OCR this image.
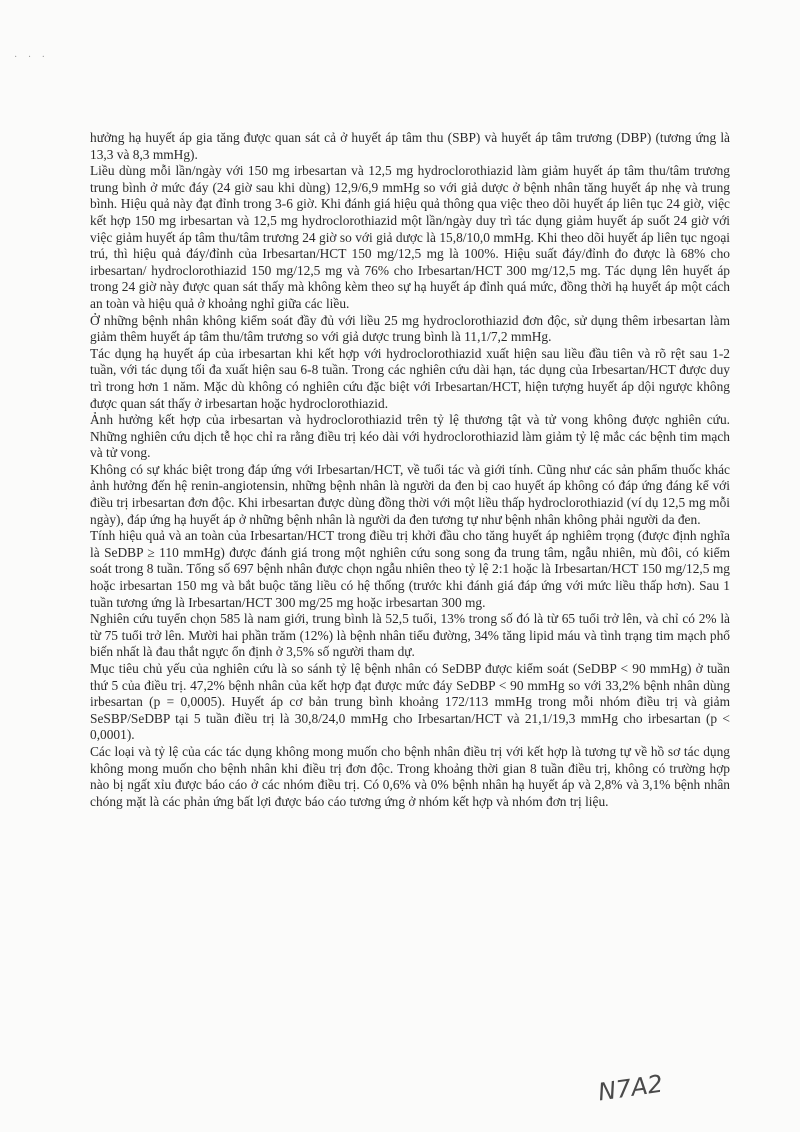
· · ·

hưởng hạ huyết áp gia tăng được quan sát cả ở huyết áp tâm thu (SBP) và huyết áp tâm trương (DBP) (tương ứng là 13,3 và 8,3 mmHg).

Liều dùng mỗi lần/ngày với 150 mg irbesartan và 12,5 mg hydroclorothiazid làm giảm huyết áp tâm thu/tâm trương trung bình ở mức đáy (24 giờ sau khi dùng) 12,9/6,9 mmHg so với giả dược ở bệnh nhân tăng huyết áp nhẹ và trung bình. Hiệu quả này đạt đỉnh trong 3-6 giờ. Khi đánh giá hiệu quả thông qua việc theo dõi huyết áp liên tục 24 giờ, việc kết hợp 150 mg irbesartan và 12,5 mg hydroclorothiazid một lần/ngày duy trì tác dụng giảm huyết áp suốt 24 giờ với việc giảm huyết áp tâm thu/tâm trương 24 giờ so với giả dược là 15,8/10,0 mmHg. Khi theo dõi huyết áp liên tục ngoại trú, thì hiệu quả đáy/đỉnh của Irbesartan/HCT 150 mg/12,5 mg là 100%. Hiệu suất đáy/đỉnh đo được là 68% cho irbesartan/ hydroclorothiazid 150 mg/12,5 mg và 76% cho Irbesartan/HCT 300 mg/12,5 mg. Tác dụng lên huyết áp trong 24 giờ này được quan sát thấy mà không kèm theo sự hạ huyết áp đỉnh quá mức, đồng thời hạ huyết áp một cách an toàn và hiệu quả ở khoảng nghỉ giữa các liều.

Ở những bệnh nhân không kiểm soát đầy đủ với liều 25 mg hydroclorothiazid đơn độc, sử dụng thêm irbesartan làm giảm thêm huyết áp tâm thu/tâm trương so với giả dược trung bình là 11,1/7,2 mmHg.

Tác dụng hạ huyết áp của irbesartan khi kết hợp với hydroclorothiazid xuất hiện sau liều đầu tiên và rõ rệt sau 1-2 tuần, với tác dụng tối đa xuất hiện sau 6-8 tuần. Trong các nghiên cứu dài hạn, tác dụng của Irbesartan/HCT được duy trì trong hơn 1 năm. Mặc dù không có nghiên cứu đặc biệt với Irbesartan/HCT, hiện tượng huyết áp dội ngược không được quan sát thấy ở irbesartan hoặc hydroclorothiazid.

Ảnh hưởng kết hợp của irbesartan và hydroclorothiazid trên tỷ lệ thương tật và tử vong không được nghiên cứu. Những nghiên cứu dịch tễ học chỉ ra rằng điều trị kéo dài với hydroclorothiazid làm giảm tỷ lệ mắc các bệnh tim mạch và tử vong.

Không có sự khác biệt trong đáp ứng với Irbesartan/HCT, về tuổi tác và giới tính. Cũng như các sản phẩm thuốc khác ảnh hưởng đến hệ renin-angiotensin, những bệnh nhân là người da đen bị cao huyết áp không có đáp ứng đáng kể với điều trị irbesartan đơn độc. Khi irbesartan được dùng đồng thời với một liều thấp hydroclorothiazid (ví dụ 12,5 mg mỗi ngày), đáp ứng hạ huyết áp ở những bệnh nhân là người da đen tương tự như bệnh nhân không phải người da đen.

Tính hiệu quả và an toàn của Irbesartan/HCT trong điều trị khởi đầu cho tăng huyết áp nghiêm trọng (được định nghĩa là SeDBP ≥ 110 mmHg) được đánh giá trong một nghiên cứu song song đa trung tâm, ngẫu nhiên, mù đôi, có kiểm soát trong 8 tuần. Tổng số 697 bệnh nhân được chọn ngẫu nhiên theo tỷ lệ 2:1 hoặc là Irbesartan/HCT 150 mg/12,5 mg hoặc irbesartan 150 mg và bắt buộc tăng liều có hệ thống (trước khi đánh giá đáp ứng với mức liều thấp hơn). Sau 1 tuần tương ứng là Irbesartan/HCT 300 mg/25 mg hoặc irbesartan 300 mg.

Nghiên cứu tuyển chọn 585 là nam giới, trung bình là 52,5 tuổi, 13% trong số đó là từ 65 tuổi trở lên, và chỉ có 2% là từ 75 tuổi trở lên. Mười hai phần trăm (12%) là bệnh nhân tiểu đường, 34% tăng lipid máu và tình trạng tim mạch phổ biến nhất là đau thắt ngực ổn định ở 3,5% số người tham dự.

Mục tiêu chủ yếu của nghiên cứu là so sánh tỷ lệ bệnh nhân có SeDBP được kiểm soát (SeDBP < 90 mmHg) ở tuần thứ 5 của điều trị. 47,2% bệnh nhân của kết hợp đạt được mức đáy SeDBP < 90 mmHg so với 33,2% bệnh nhân dùng irbesartan (p = 0,0005). Huyết áp cơ bản trung bình khoảng 172/113 mmHg trong mỗi nhóm điều trị và giảm SeSBP/SeDBP tại 5 tuần điều trị là 30,8/24,0 mmHg cho Irbesartan/HCT và 21,1/19,3 mmHg cho irbesartan (p < 0,0001).

Các loại và tỷ lệ của các tác dụng không mong muốn cho bệnh nhân điều trị với kết hợp là tương tự về hồ sơ tác dụng không mong muốn cho bệnh nhân khi điều trị đơn độc. Trong khoảng thời gian 8 tuần điều trị, không có trường hợp nào bị ngất xỉu được báo cáo ở các nhóm điều trị. Có 0,6% và 0% bệnh nhân hạ huyết áp và 2,8% và 3,1% bệnh nhân chóng mặt là các phản ứng bất lợi được báo cáo tương ứng ở nhóm kết hợp và nhóm đơn trị liệu.

N7A2
